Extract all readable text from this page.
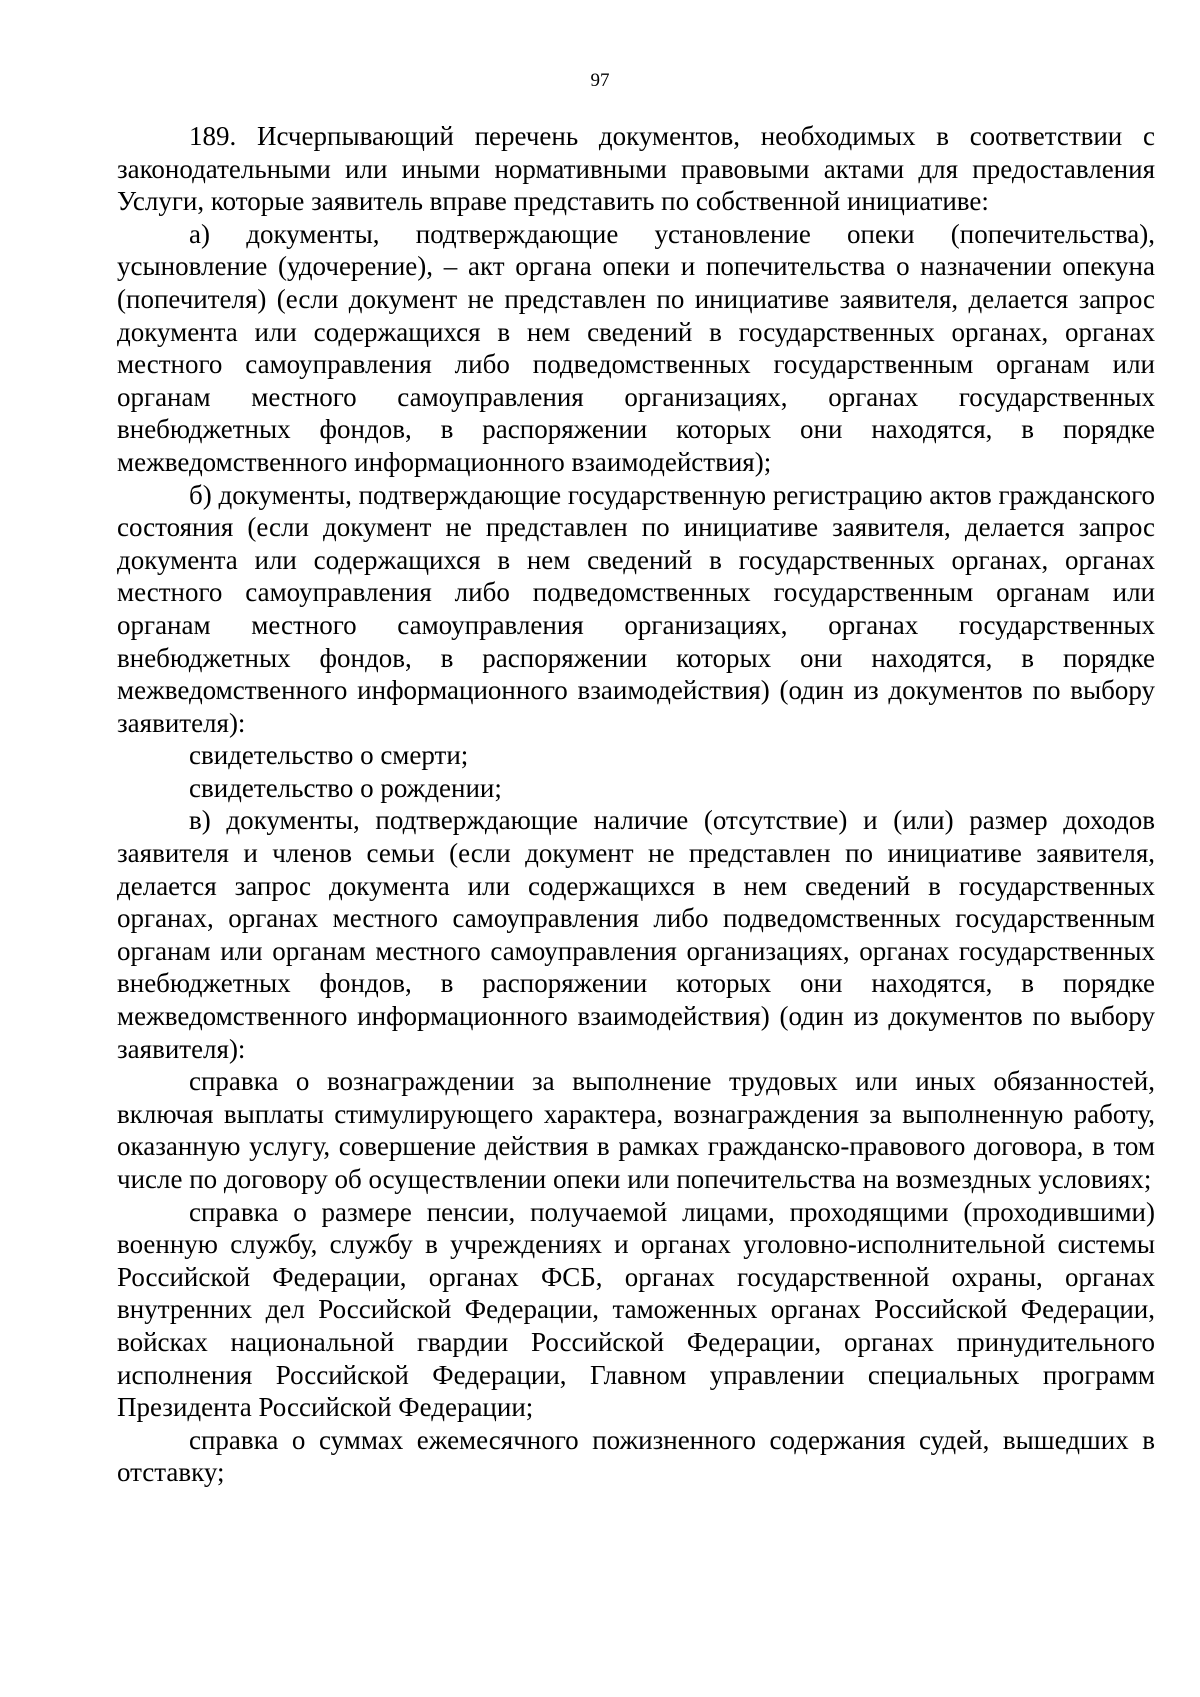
97

189. Исчерпывающий перечень документов, необходимых в соответствии с законодательными или иными нормативными правовыми актами для предоставления Услуги, которые заявитель вправе представить по собственной инициативе:

а) документы, подтверждающие установление опеки (попечительства), усыновление (удочерение), – акт органа опеки и попечительства о назначении опекуна (попечителя) (если документ не представлен по инициативе заявителя, делается запрос документа или содержащихся в нем сведений в государственных органах, органах местного самоуправления либо подведомственных государственным органам или органам местного самоуправления организациях, органах государственных внебюджетных фондов, в распоряжении которых они находятся, в порядке межведомственного информационного взаимодействия);

б) документы, подтверждающие государственную регистрацию актов гражданского состояния (если документ не представлен по инициативе заявителя, делается запрос документа или содержащихся в нем сведений в государственных органах, органах местного самоуправления либо подведомственных государственным органам или органам местного самоуправления организациях, органах государственных внебюджетных фондов, в распоряжении которых они находятся, в порядке межведомственного информационного взаимодействия) (один из документов по выбору заявителя):

свидетельство о смерти;

свидетельство о рождении;

в) документы, подтверждающие наличие (отсутствие) и (или) размер доходов заявителя и членов семьи (если документ не представлен по инициативе заявителя, делается запрос документа или содержащихся в нем сведений в государственных органах, органах местного самоуправления либо подведомственных государственным органам или органам местного самоуправления организациях, органах государственных внебюджетных фондов, в распоряжении которых они находятся, в порядке межведомственного информационного взаимодействия) (один из документов по выбору заявителя):

справка о вознаграждении за выполнение трудовых или иных обязанностей, включая выплаты стимулирующего характера, вознаграждения за выполненную работу, оказанную услугу, совершение действия в рамках гражданско-правового договора, в том числе по договору об осуществлении опеки или попечительства на возмездных условиях;

справка о размере пенсии, получаемой лицами, проходящими (проходившими) военную службу, службу в учреждениях и органах уголовно-исполнительной системы Российской Федерации, органах ФСБ, органах государственной охраны, органах внутренних дел Российской Федерации, таможенных органах Российской Федерации, войсках национальной гвардии Российской Федерации, органах принудительного исполнения Российской Федерации, Главном управлении специальных программ Президента Российской Федерации;

справка о суммах ежемесячного пожизненного содержания судей, вышедших в отставку;
